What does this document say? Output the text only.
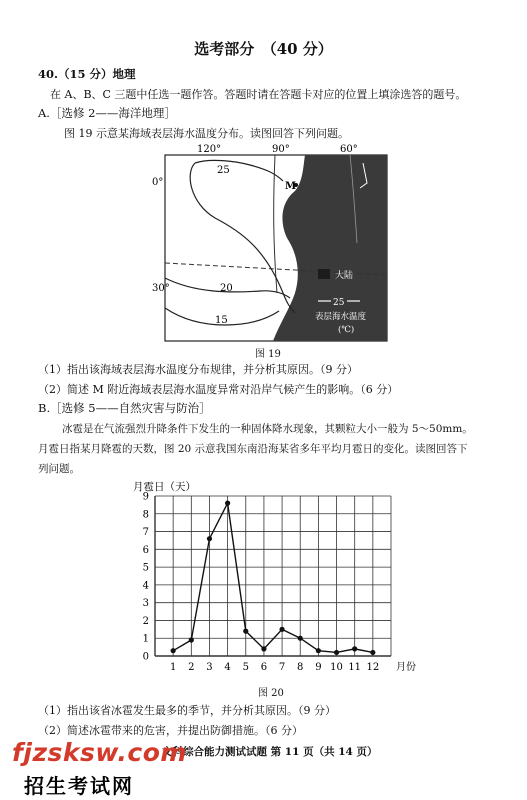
选考部分　（40 分）
40.（15 分）地理
在 A、B、C 三题中任选一题作答。答题时请在答题卡对应的位置上填涂选答的题号。
A.［选修 2——海洋地理］
图 19 示意某海域表层海水温度分布。读图回答下列问题。
120°	90°	60°
0°
30°
25
20
15
M
大陆
25
表层海水温度
(℃)
图 19
（1）指出该海域表层海水温度分布规律，并分析其原因。（9 分）
（2）简述 M 附近海域表层海水温度异常对沿岸气候产生的影响。（6 分）
B.［选修 5——自然灾害与防治］
冰雹是在气流强烈升降条件下发生的一种固体降水现象，其颗粒大小一般为 5～50mm。
月雹日指某月降雹的天数，图 20 示意我国东南沿海某省多年平均月雹日的变化。读图回答下
列问题。
0
1
2
3
4
5
6
7
8
9
1 2 3 4 5 6 7 8 9 10 11 12
月雹日（天）
月份
图 20
（1）指出该省冰雹发生最多的季节，并分析其原因。（9 分）
（2）简述冰雹带来的危害，并提出防御措施。（6 分）
文科综合能力测试试题 第 11 页（共 14 页）
fjzsksw.com
招生考试网
